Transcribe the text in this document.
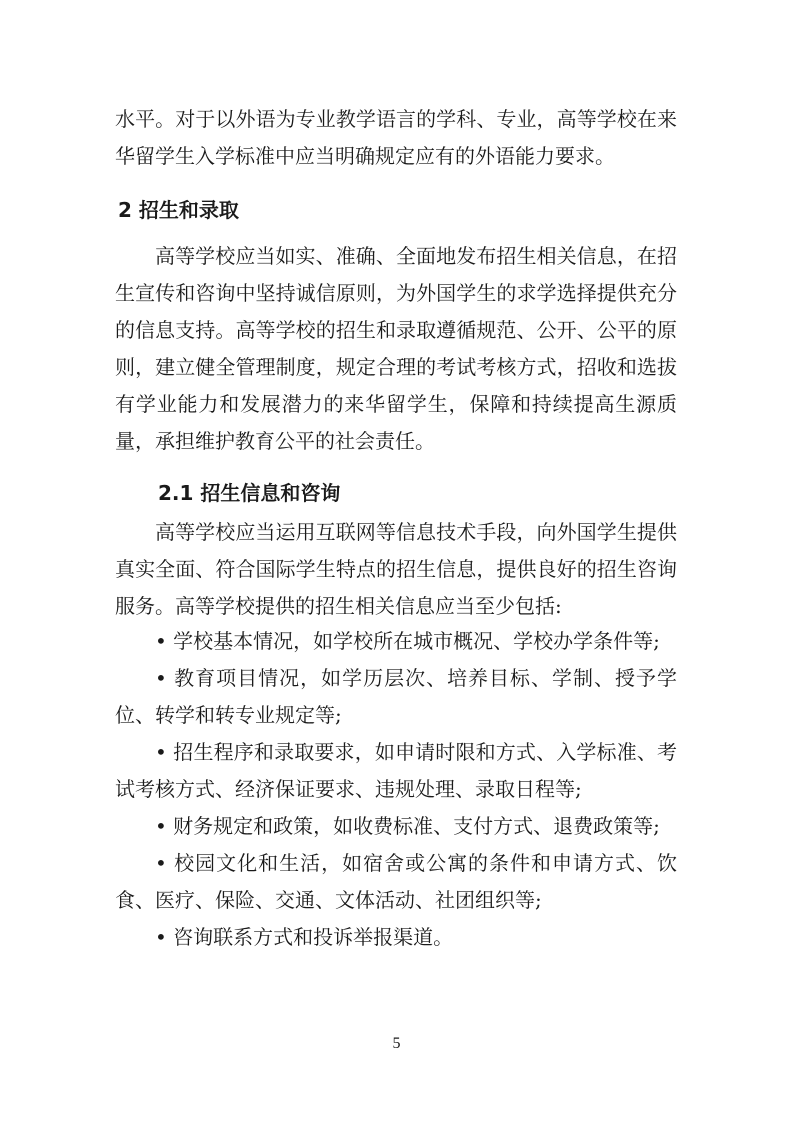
水平。对于以外语为专业教学语言的学科、专业，高等学校在来华留学生入学标准中应当明确规定应有的外语能力要求。

2 招生和录取

高等学校应当如实、准确、全面地发布招生相关信息，在招生宣传和咨询中坚持诚信原则，为外国学生的求学选择提供充分的信息支持。高等学校的招生和录取遵循规范、公开、公平的原则，建立健全管理制度，规定合理的考试考核方式，招收和选拔有学业能力和发展潜力的来华留学生，保障和持续提高生源质量，承担维护教育公平的社会责任。

2.1 招生信息和咨询

高等学校应当运用互联网等信息技术手段，向外国学生提供真实全面、符合国际学生特点的招生信息，提供良好的招生咨询服务。高等学校提供的招生相关信息应当至少包括:

• 学校基本情况，如学校所在城市概况、学校办学条件等;

• 教育项目情况，如学历层次、培养目标、学制、授予学位、转学和转专业规定等;

• 招生程序和录取要求，如申请时限和方式、入学标准、考试考核方式、经济保证要求、违规处理、录取日程等;

• 财务规定和政策，如收费标准、支付方式、退费政策等;

• 校园文化和生活，如宿舍或公寓的条件和申请方式、饮食、医疗、保险、交通、文体活动、社团组织等;

• 咨询联系方式和投诉举报渠道。

5
